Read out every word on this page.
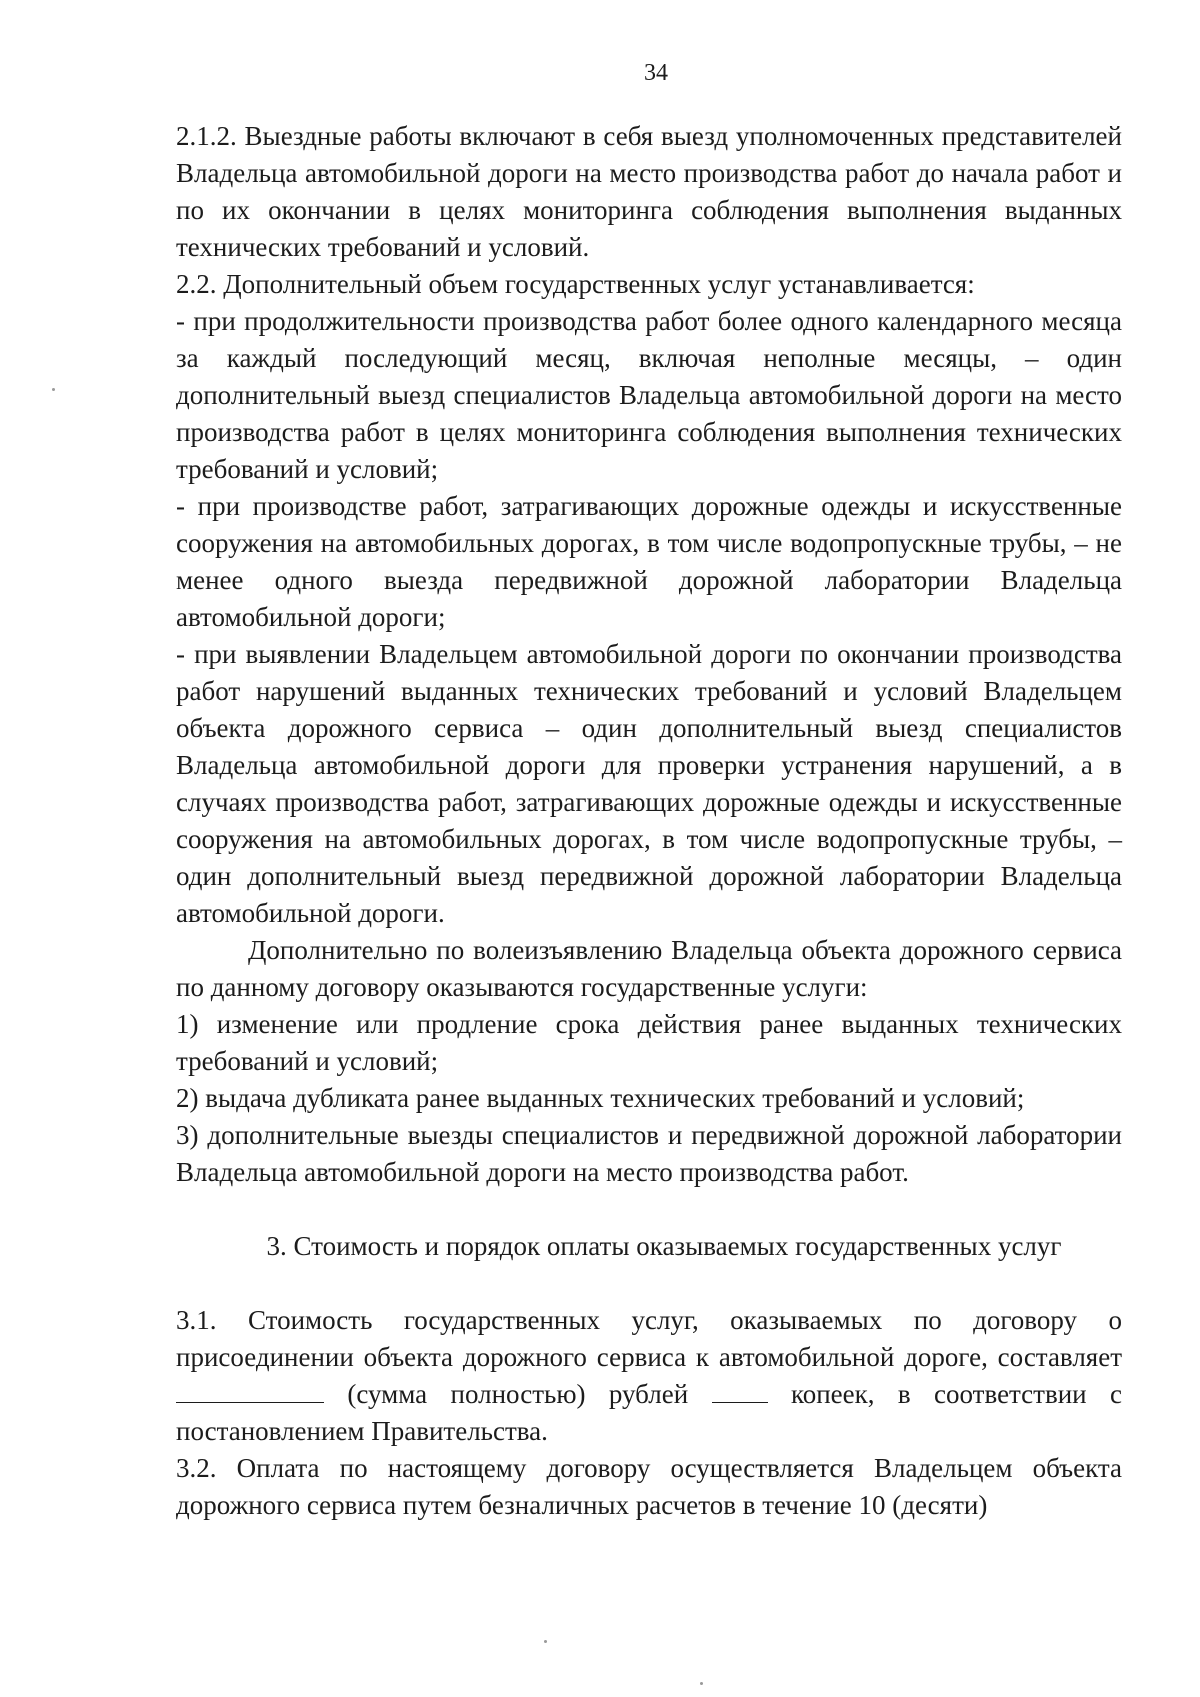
34

2.1.2. Выездные работы включают в себя выезд уполномоченных представителей Владельца автомобильной дороги на место производства работ до начала работ и по их окончании в целях мониторинга соблюдения выполнения выданных технических требований и условий.

2.2. Дополнительный объем государственных услуг устанавливается:

- при продолжительности производства работ более одного календарного месяца за каждый последующий месяц, включая неполные месяцы, – один дополнительный выезд специалистов Владельца автомобильной дороги на место производства работ в целях мониторинга соблюдения выполнения технических требований и условий;

- при производстве работ, затрагивающих дорожные одежды и искусственные сооружения на автомобильных дорогах, в том числе водопропускные трубы, – не менее одного выезда передвижной дорожной лаборатории Владельца автомобильной дороги;

- при выявлении Владельцем автомобильной дороги по окончании производства работ нарушений выданных технических требований и условий Владельцем объекта дорожного сервиса – один дополнительный выезд специалистов Владельца автомобильной дороги для проверки устранения нарушений, а в случаях производства работ, затрагивающих дорожные одежды и искусственные сооружения на автомобильных дорогах, в том числе водопропускные трубы, – один дополнительный выезд передвижной дорожной лаборатории Владельца автомобильной дороги.

Дополнительно по волеизъявлению Владельца объекта дорожного сервиса по данному договору оказываются государственные услуги:

1) изменение или продление срока действия ранее выданных технических требований и условий;

2) выдача дубликата ранее выданных технических требований и условий;

3) дополнительные выезды специалистов и передвижной дорожной лаборатории Владельца автомобильной дороги на место производства работ.

3. Стоимость и порядок оплаты оказываемых государственных услуг

3.1. Стоимость государственных услуг, оказываемых по договору о присоединении объекта дорожного сервиса к автомобильной дороге, составляет  (сумма полностью) рублей	копеек, в соответствии с постановлением Правительства.

3.2. Оплата по настоящему договору осуществляется Владельцем объекта дорожного сервиса путем безналичных расчетов в течение 10 (десяти)
